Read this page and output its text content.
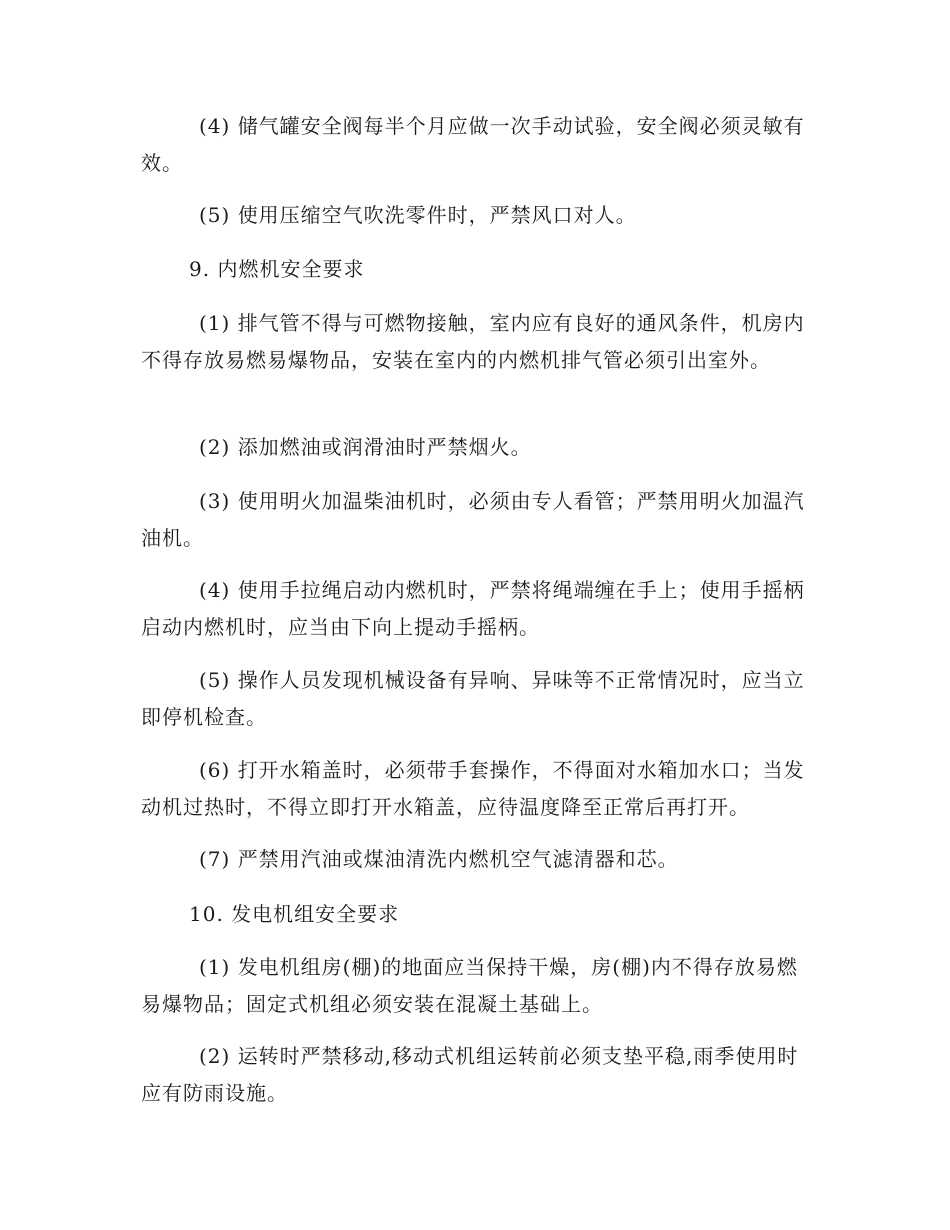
(4) 储气罐安全阀每半个月应做一次手动试验，安全阀必须灵敏有效。

(5) 使用压缩空气吹洗零件时，严禁风口对人。

9. 内燃机安全要求

(1) 排气管不得与可燃物接触，室内应有良好的通风条件，机房内不得存放易燃易爆物品，安装在室内的内燃机排气管必须引出室外。

(2) 添加燃油或润滑油时严禁烟火。

(3) 使用明火加温柴油机时，必须由专人看管；严禁用明火加温汽油机。

(4) 使用手拉绳启动内燃机时，严禁将绳端缠在手上；使用手摇柄启动内燃机时，应当由下向上提动手摇柄。

(5) 操作人员发现机械设备有异响、异味等不正常情况时，应当立即停机检查。

(6) 打开水箱盖时，必须带手套操作，不得面对水箱加水口；当发动机过热时，不得立即打开水箱盖，应待温度降至正常后再打开。

(7) 严禁用汽油或煤油清洗内燃机空气滤清器和芯。

10. 发电机组安全要求

(1) 发电机组房(棚)的地面应当保持干燥，房(棚)内不得存放易燃易爆物品；固定式机组必须安装在混凝土基础上。

(2) 运转时严禁移动,移动式机组运转前必须支垫平稳,雨季使用时应有防雨设施。
